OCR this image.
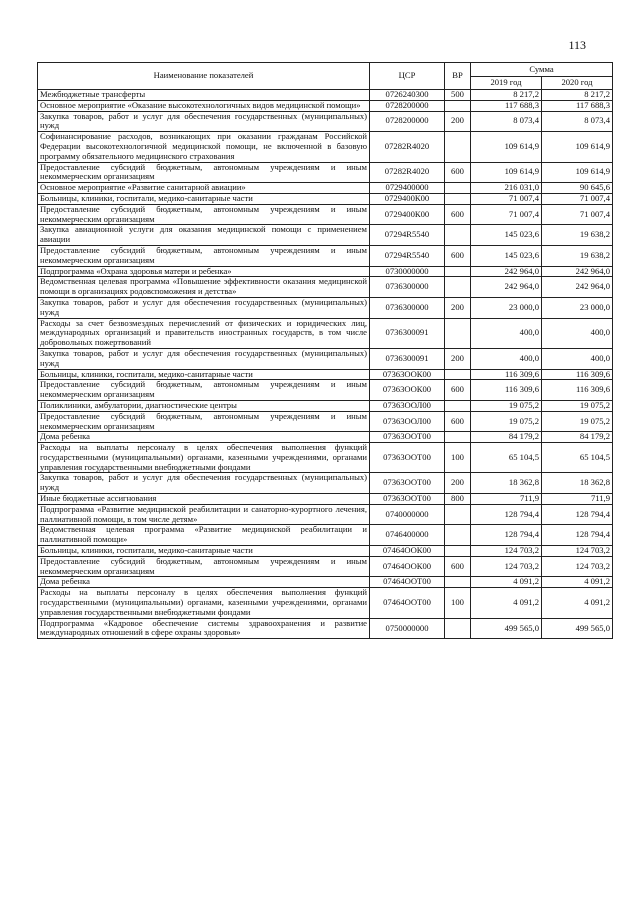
113
Наименование показателей	ЦСР	ВР	Сумма	
			2019 год	2020 год
Межбюджетные трансферты	0726240300	500	8 217,2	8 217,2
Основное мероприятие «Оказание высокотехнологичных видов медицинской помощи»	0728200000		117 688,3	117 688,3
Закупка товаров, работ и услуг для обеспечения государственных (муниципальных) нужд	0728200000	200	8 073,4	8 073,4
Софинансирование расходов, возникающих при оказании гражданам Российской Федерации высокотехнологичной медицинской помощи, не включенной в базовую программу обязательного медицинского страхования	07282R4020		109 614,9	109 614,9
Предоставление субсидий бюджетным, автономным учреждениям и иным некоммерческим организациям	07282R4020	600	109 614,9	109 614,9
Основное мероприятие «Развитие санитарной авиации»	0729400000		216 031,0	90 645,6
Больницы, клиники, госпитали, медико-санитарные части	0729400К00		71 007,4	71 007,4
Предоставление субсидий бюджетным, автономным учреждениям и иным некоммерческим организациям	0729400К00	600	71 007,4	71 007,4
Закупка авиационной услуги для оказания медицинской помощи с применением авиации	07294R5540		145 023,6	19 638,2
Предоставление субсидий бюджетным, автономным учреждениям и иным некоммерческим организациям	07294R5540	600	145 023,6	19 638,2
Подпрограмма «Охрана здоровья матери и ребенка»	0730000000		242 964,0	242 964,0
Ведомственная целевая программа «Повышение эффективности оказания медицинской помощи в организациях родовспоможения и детства»	0736300000		242 964,0	242 964,0
Закупка товаров, работ и услуг для обеспечения государственных (муниципальных) нужд	0736300000	200	23 000,0	23 000,0
Расходы за счет безвозмездных перечислений от физических и юридических лиц, международных организаций и правительств иностранных государств, в том числе добровольных пожертвований	0736300091		400,0	400,0
Закупка товаров, работ и услуг для обеспечения государственных (муниципальных) нужд	0736300091	200	400,0	400,0
Больницы, клиники, госпитали, медико-санитарные части	07363ООК00		116 309,6	116 309,6
Предоставление субсидий бюджетным, автономным учреждениям и иным некоммерческим организациям	07363ООК00	600	116 309,6	116 309,6
Поликлиники, амбулатории, диагностические центры	07363ООЛ00		19 075,2	19 075,2
Предоставление субсидий бюджетным, автономным учреждениям и иным некоммерческим организациям	07363ООЛ00	600	19 075,2	19 075,2
Дома ребенка	07363ООТ00		84 179,2	84 179,2
Расходы на выплаты персоналу в целях обеспечения выполнения функций государственными (муниципальными) органами, казенными учреждениями, органами управления государственными внебюджетными фондами	07363ООТ00	100	65 104,5	65 104,5
Закупка товаров, работ и услуг для обеспечения государственных (муниципальных) нужд	07363ООТ00	200	18 362,8	18 362,8
Иные бюджетные ассигнования	07363ООТ00	800	711,9	711,9
Подпрограмма «Развитие медицинской реабилитации и санаторно-курортного лечения, паллиативной помощи, в том числе детям»	0740000000		128 794,4	128 794,4
Ведомственная целевая программа «Развитие медицинской реабилитации и паллиативной помощи»	0746400000		128 794,4	128 794,4
Больницы, клиники, госпитали, медико-санитарные части	07464ООК00		124 703,2	124 703,2
Предоставление субсидий бюджетным, автономным учреждениям и иным некоммерческим организациям	07464ООК00	600	124 703,2	124 703,2
Дома ребенка	07464ООТ00		4 091,2	4 091,2
Расходы на выплаты персоналу в целях обеспечения выполнения функций государственными (муниципальными) органами, казенными учреждениями, органами управления государственными внебюджетными фондами	07464ООТ00	100	4 091,2	4 091,2
Подпрограмма «Кадровое обеспечение системы здравоохранения и развитие международных отношений в сфере охраны здоровья»	0750000000		499 565,0	499 565,0
